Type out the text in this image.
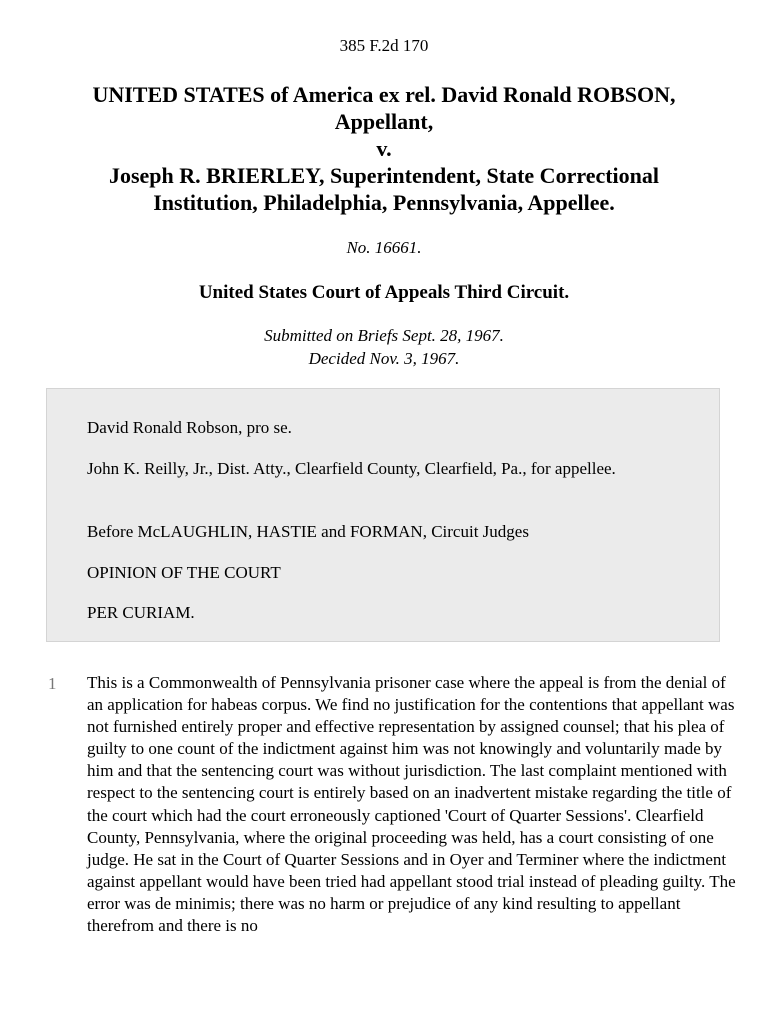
385 F.2d 170
UNITED STATES of America ex rel. David Ronald ROBSON,
Appellant,
v.
Joseph R. BRIERLEY, Superintendent, State Correctional
Institution, Philadelphia, Pennsylvania, Appellee.
No. 16661.
United States Court of Appeals Third Circuit.
Submitted on Briefs Sept. 28, 1967.
Decided Nov. 3, 1967.

David Ronald Robson, pro se.

John K. Reilly, Jr., Dist. Atty., Clearfield County, Clearfield, Pa., for appellee.

Before McLAUGHLIN, HASTIE and FORMAN, Circuit Judges

OPINION OF THE COURT

PER CURIAM.

1 This is a Commonwealth of Pennsylvania prisoner case where the appeal is from the denial of an application for habeas corpus. We find no justification for the contentions that appellant was not furnished entirely proper and effective representation by assigned counsel; that his plea of guilty to one count of the indictment against him was not knowingly and voluntarily made by him and that the sentencing court was without jurisdiction. The last complaint mentioned with respect to the sentencing court is entirely based on an inadvertent mistake regarding the title of the court which had the court erroneously captioned 'Court of Quarter Sessions'. Clearfield County, Pennsylvania, where the original proceeding was held, has a court consisting of one judge. He sat in the Court of Quarter Sessions and in Oyer and Terminer where the indictment against appellant would have been tried had appellant stood trial instead of pleading guilty. The error was de minimis; there was no harm or prejudice of any kind resulting to appellant therefrom and there is no
